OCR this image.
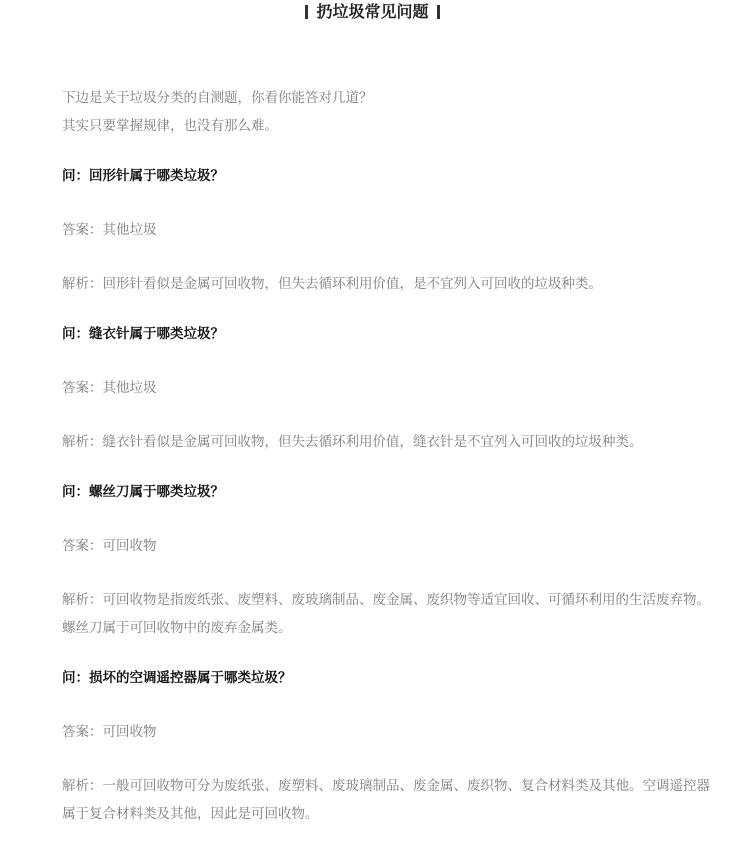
扔垃圾常见问题

下边是关于垃圾分类的自测题，你看你能答对几道？

其实只要掌握规律，也没有那么难。

问：回形针属于哪类垃圾？

答案：其他垃圾

解析：回形针看似是金属可回收物，但失去循环利用价值，是不宜列入可回收的垃圾种类。

问：缝衣针属于哪类垃圾？

答案：其他垃圾

解析：缝衣针看似是金属可回收物，但失去循环利用价值，缝衣针是不宜列入可回收的垃圾种类。

问：螺丝刀属于哪类垃圾？

答案：可回收物

解析：可回收物是指废纸张、废塑料、废玻璃制品、废金属、废织物等适宜回收、可循环利用的生活废弃物。螺丝刀属于可回收物中的废弃金属类。

问：损坏的空调遥控器属于哪类垃圾？

答案：可回收物

解析：一般可回收物可分为废纸张、废塑料、废玻璃制品、废金属、废织物、复合材料类及其他。空调遥控器属于复合材料类及其他，因此是可回收物。
